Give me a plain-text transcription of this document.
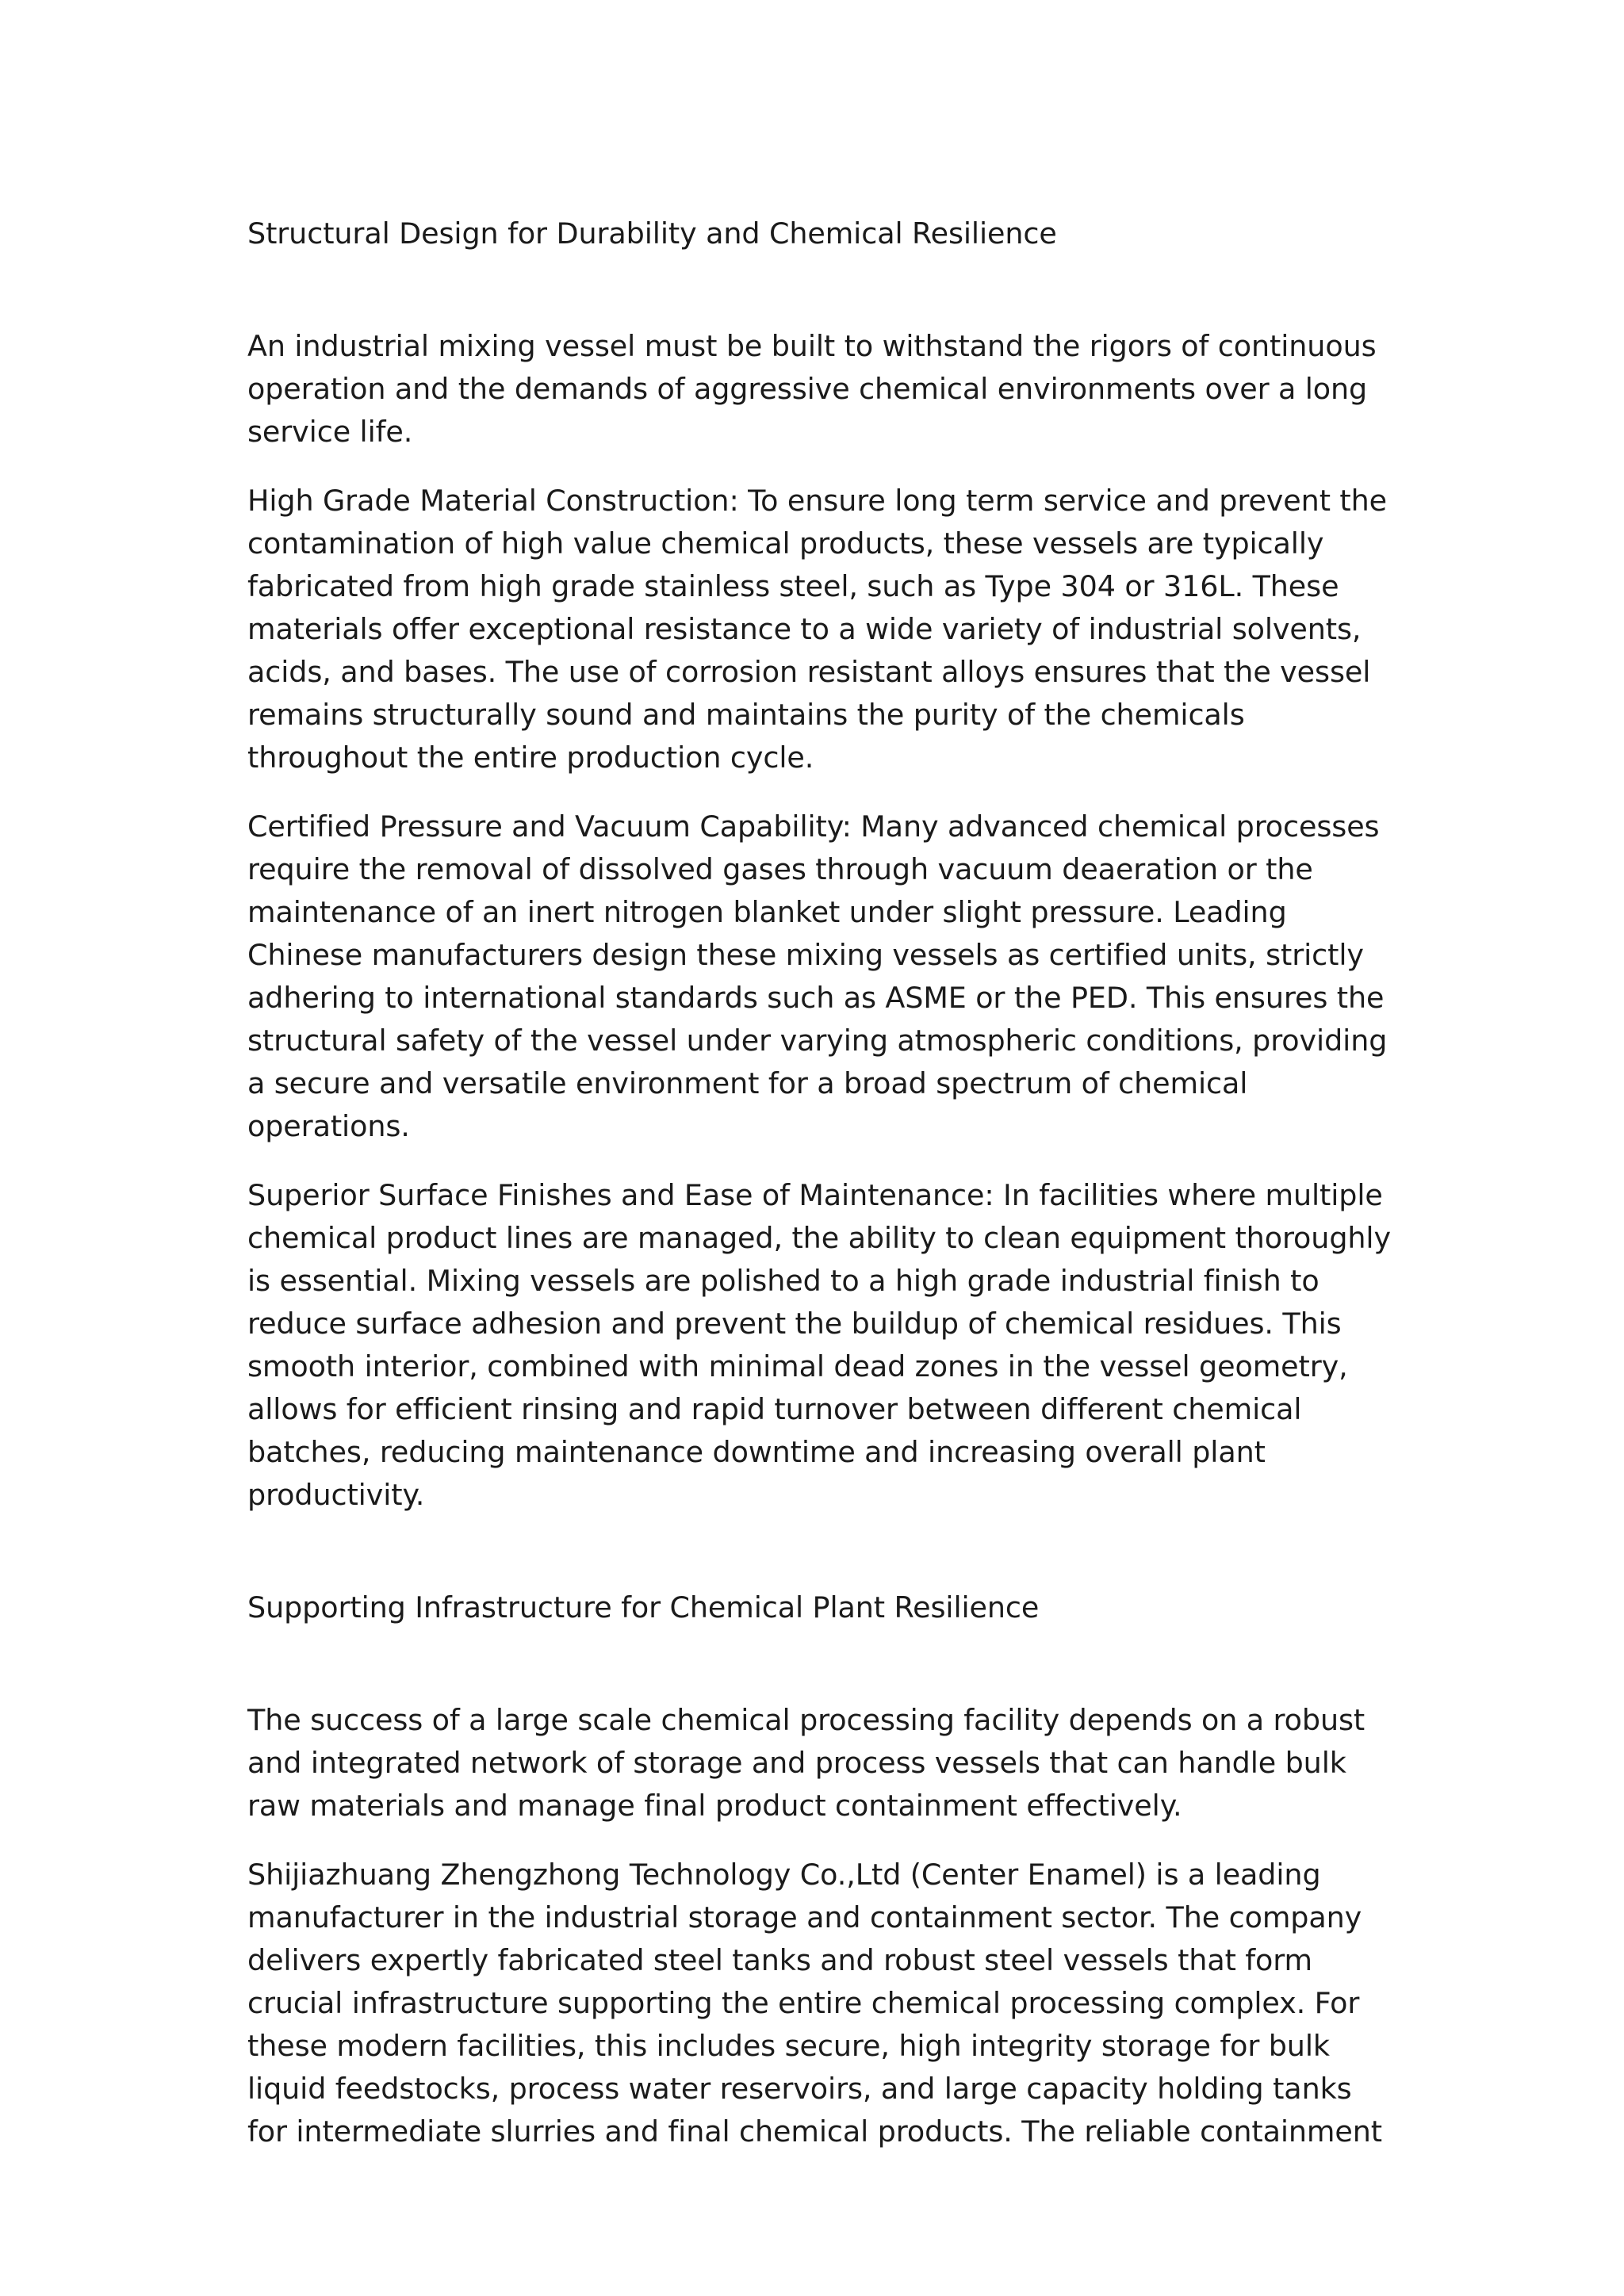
Structural Design for Durability and Chemical Resilience

An industrial mixing vessel must be built to withstand the rigors of continuous operation and the demands of aggressive chemical environments over a long service life.

High Grade Material Construction: To ensure long term service and prevent the contamination of high value chemical products, these vessels are typically fabricated from high grade stainless steel, such as Type 304 or 316L. These materials offer exceptional resistance to a wide variety of industrial solvents, acids, and bases. The use of corrosion resistant alloys ensures that the vessel remains structurally sound and maintains the purity of the chemicals throughout the entire production cycle.

Certified Pressure and Vacuum Capability: Many advanced chemical processes require the removal of dissolved gases through vacuum deaeration or the maintenance of an inert nitrogen blanket under slight pressure. Leading Chinese manufacturers design these mixing vessels as certified units, strictly adhering to international standards such as ASME or the PED. This ensures the structural safety of the vessel under varying atmospheric conditions, providing a secure and versatile environment for a broad spectrum of chemical operations.

Superior Surface Finishes and Ease of Maintenance: In facilities where multiple chemical product lines are managed, the ability to clean equipment thoroughly is essential. Mixing vessels are polished to a high grade industrial finish to reduce surface adhesion and prevent the buildup of chemical residues. This smooth interior, combined with minimal dead zones in the vessel geometry, allows for efficient rinsing and rapid turnover between different chemical batches, reducing maintenance downtime and increasing overall plant productivity.

Supporting Infrastructure for Chemical Plant Resilience

The success of a large scale chemical processing facility depends on a robust and integrated network of storage and process vessels that can handle bulk raw materials and manage final product containment effectively.

Shijiazhuang Zhengzhong Technology Co.,Ltd (Center Enamel) is a leading manufacturer in the industrial storage and containment sector. The company delivers expertly fabricated steel tanks and robust steel vessels that form crucial infrastructure supporting the entire chemical processing complex. For these modern facilities, this includes secure, high integrity storage for bulk liquid feedstocks, process water reservoirs, and large capacity holding tanks for intermediate slurries and final chemical products. The reliable containment
